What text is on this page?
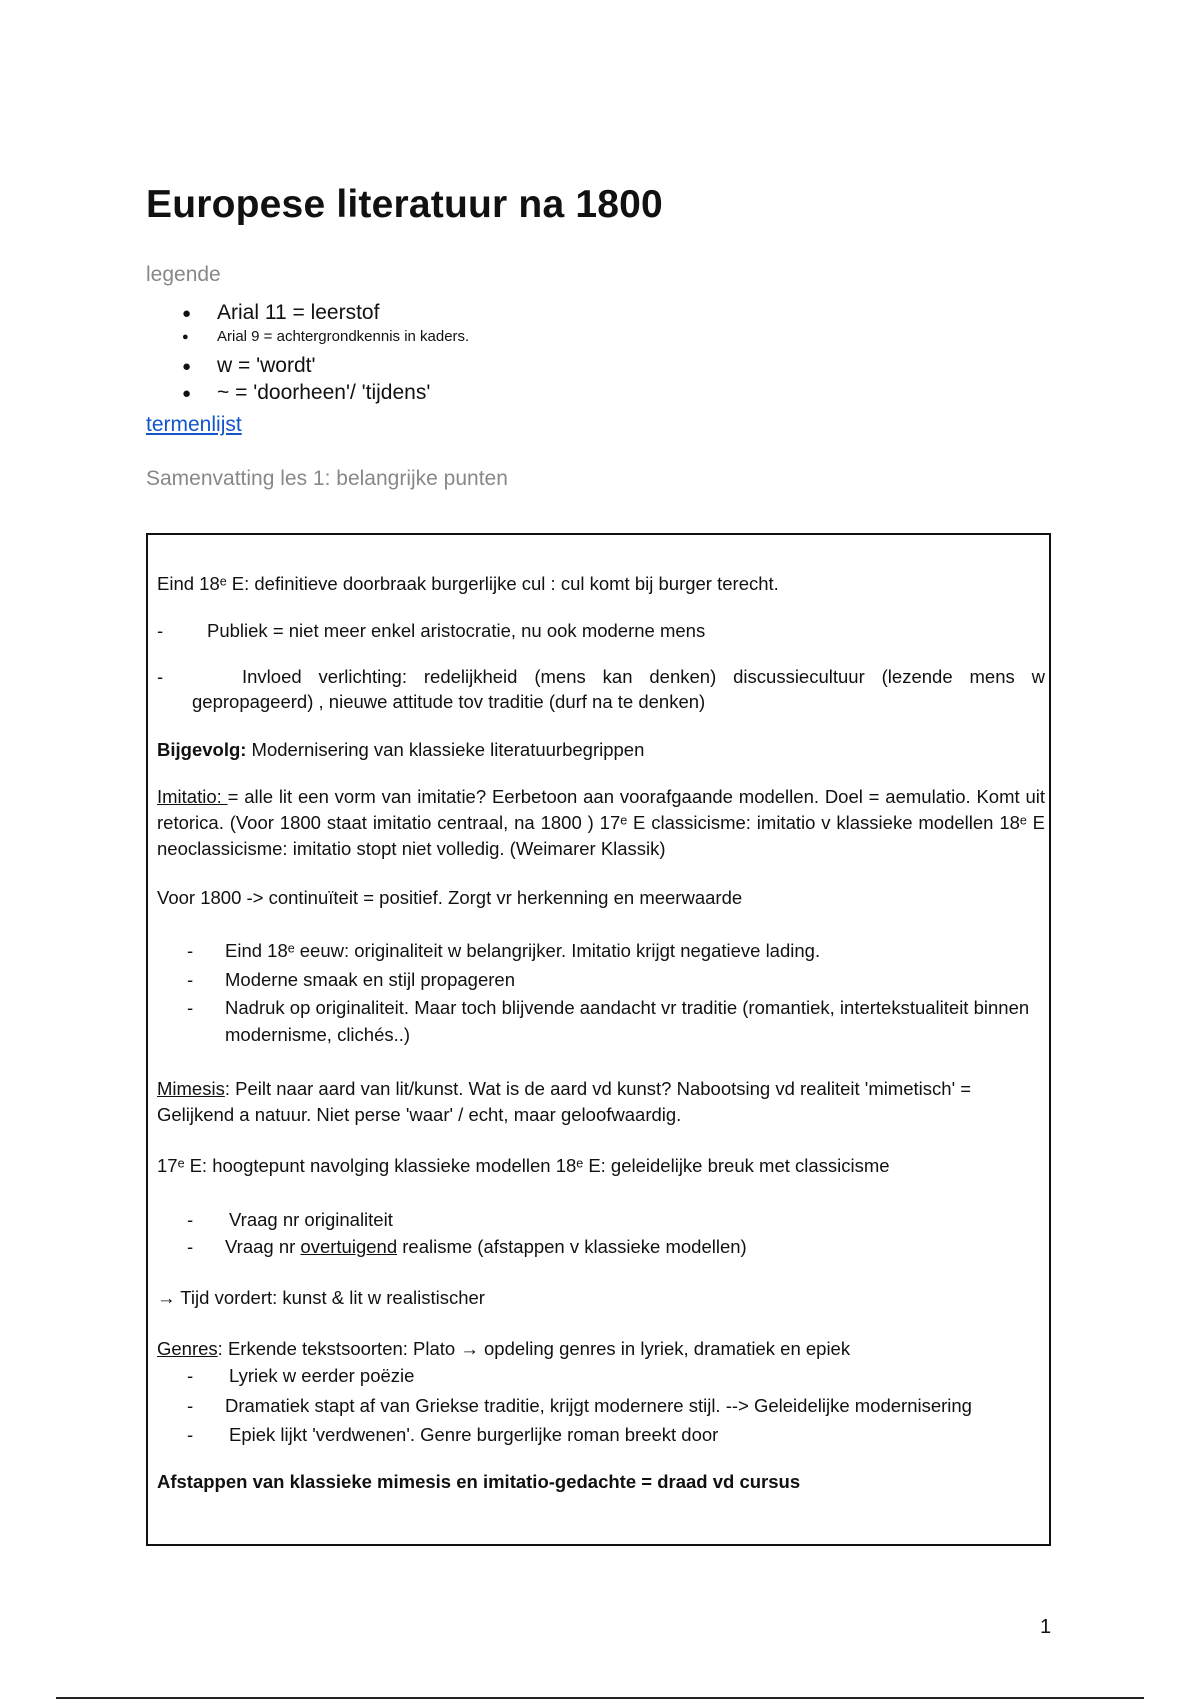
Europese literatuur na 1800
legende
● Arial 11 = leerstof
● Arial 9 = achtergrondkennis in kaders.
● w = 'wordt'
● ~ = 'doorheen'/ 'tijdens'
termenlijst
Samenvatting les 1: belangrijke punten
Eind 18ᵉ E: definitieve doorbraak burgerlijke cul : cul komt bij burger terecht.
-	Publiek = niet meer enkel aristocratie, nu ook moderne mens
-	Invloed verlichting: redelijkheid (mens kan denken) discussiecultuur (lezende mens w gepropageerd) , nieuwe attitude tov traditie (durf na te denken)
Bijgevolg: Modernisering van klassieke literatuurbegrippen
Imitatio: = alle lit een vorm van imitatie? Eerbetoon aan voorafgaande modellen. Doel = aemulatio. Komt uit retorica. (Voor 1800 staat imitatio centraal, na 1800 ) 17ᵉ E classicisme: imitatio v klassieke modellen 18ᵉ E neoclassicisme: imitatio stopt niet volledig. (Weimarer Klassik)
Voor 1800 -> continuïteit = positief. Zorgt vr herkenning en meerwaarde
-	Eind 18ᵉ eeuw: originaliteit w belangrijker. Imitatio krijgt negatieve lading.
-	Moderne smaak en stijl propageren
-	Nadruk op originaliteit. Maar toch blijvende aandacht vr traditie (romantiek, intertekstualiteit binnen modernisme, clichés..)
Mimesis: Peilt naar aard van lit/kunst. Wat is de aard vd kunst? Nabootsing vd realiteit 'mimetisch' = Gelijkend a natuur. Niet perse 'waar' / echt, maar geloofwaardig.
17ᵉ E: hoogtepunt navolging klassieke modellen 18ᵉ E: geleidelijke breuk met classicisme
-	Vraag nr originaliteit
-	Vraag nr overtuigend realisme (afstappen v klassieke modellen)
→ Tijd vordert: kunst & lit w realistischer
Genres: Erkende tekstsoorten: Plato → opdeling genres in lyriek, dramatiek en epiek
-	Lyriek w eerder poëzie
-	Dramatiek stapt af van Griekse traditie, krijgt modernere stijl. --> Geleidelijke modernisering
-	Epiek lijkt 'verdwenen'. Genre burgerlijke roman breekt door
Afstappen van klassieke mimesis en imitatio-gedachte = draad vd cursus
1
